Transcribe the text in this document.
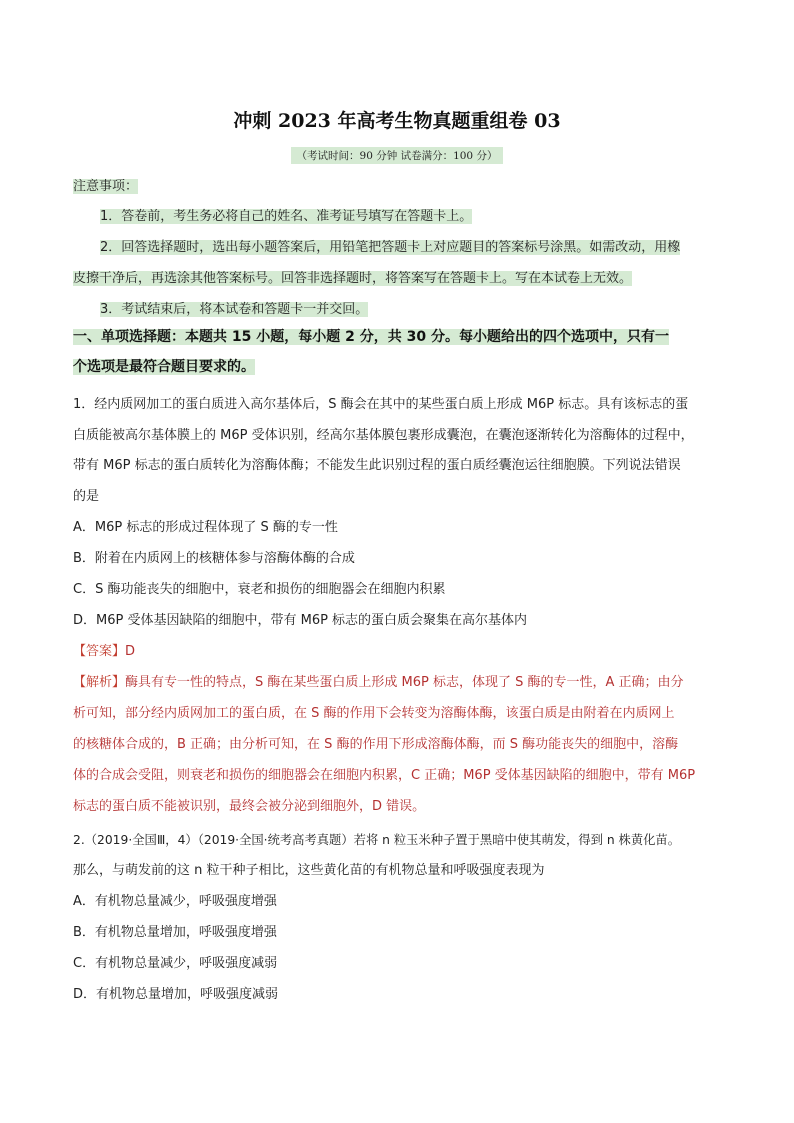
冲刺 2023 年高考生物真题重组卷 03
（考试时间：90 分钟 试卷满分：100 分）
注意事项：
1．答卷前，考生务必将自己的姓名、准考证号填写在答题卡上。
2．回答选择题时，选出每小题答案后，用铅笔把答题卡上对应题目的答案标号涂黑。如需改动，用橡
皮擦干净后，再选涂其他答案标号。回答非选择题时，将答案写在答题卡上。写在本试卷上无效。
3．考试结束后，将本试卷和答题卡一并交回。
一、单项选择题：本题共 15 小题，每小题 2 分，共 30 分。每小题给出的四个选项中，只有一
个选项是最符合题目要求的。
1．经内质网加工的蛋白质进入高尔基体后，S 酶会在其中的某些蛋白质上形成 M6P 标志。具有该标志的蛋
白质能被高尔基体膜上的 M6P 受体识别，经高尔基体膜包裹形成囊泡，在囊泡逐渐转化为溶酶体的过程中，
带有 M6P 标志的蛋白质转化为溶酶体酶；不能发生此识别过程的蛋白质经囊泡运往细胞膜。下列说法错误
的是
A．M6P 标志的形成过程体现了 S 酶的专一性
B．附着在内质网上的核糖体参与溶酶体酶的合成
C．S 酶功能丧失的细胞中，衰老和损伤的细胞器会在细胞内积累
D．M6P 受体基因缺陷的细胞中，带有 M6P 标志的蛋白质会聚集在高尔基体内
【答案】D
【解析】酶具有专一性的特点，S 酶在某些蛋白质上形成 M6P 标志，体现了 S 酶的专一性，A 正确；由分
析可知，部分经内质网加工的蛋白质，在 S 酶的作用下会转变为溶酶体酶，该蛋白质是由附着在内质网上
的核糖体合成的，B 正确；由分析可知，在 S 酶的作用下形成溶酶体酶，而 S 酶功能丧失的细胞中，溶酶
体的合成会受阻，则衰老和损伤的细胞器会在细胞内积累，C 正确；M6P 受体基因缺陷的细胞中，带有 M6P
标志的蛋白质不能被识别，最终会被分泌到细胞外，D 错误。
2.（2019·全国Ⅲ，4）（2019·全国·统考高考真题）若将 n 粒玉米种子置于黑暗中使其萌发，得到 n 株黄化苗。
那么，与萌发前的这 n 粒干种子相比，这些黄化苗的有机物总量和呼吸强度表现为
A．有机物总量减少，呼吸强度增强
B．有机物总量增加，呼吸强度增强
C．有机物总量减少，呼吸强度减弱
D．有机物总量增加，呼吸强度减弱
